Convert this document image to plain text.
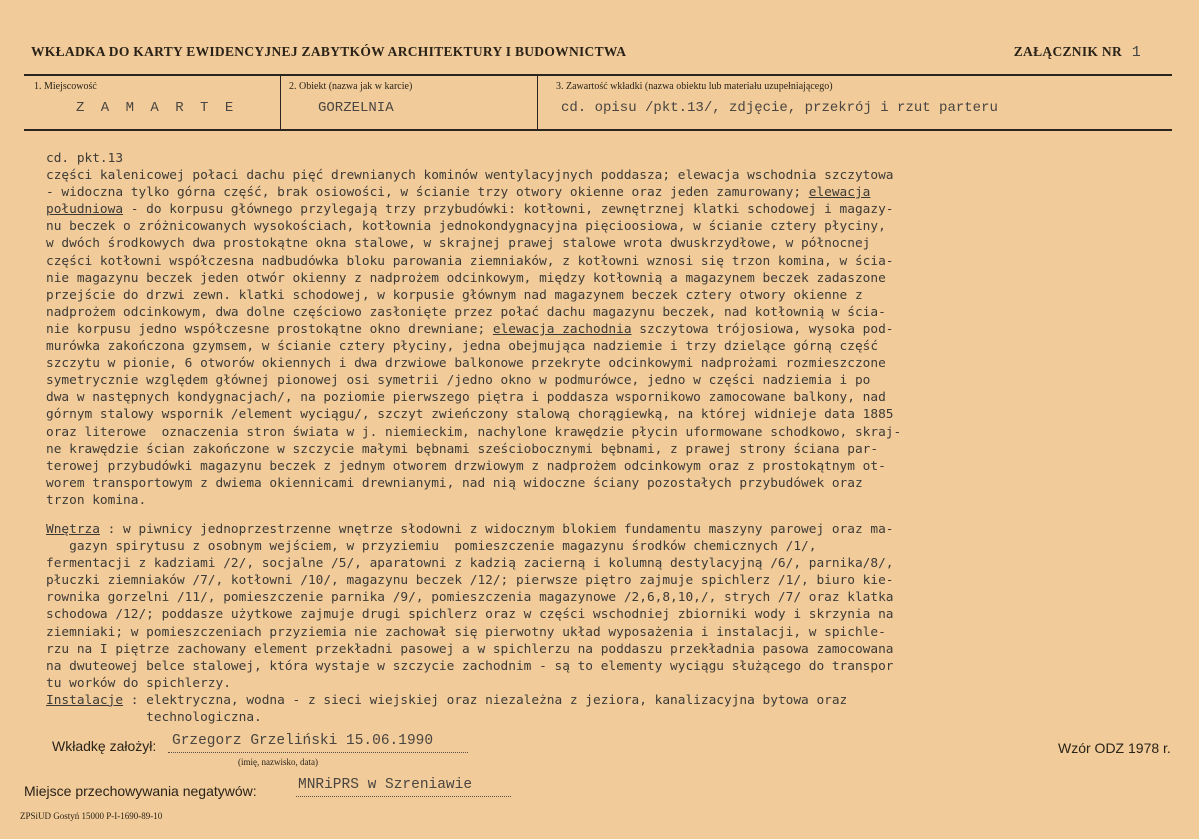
WKŁADKA DO KARTY EWIDENCYJNEJ ZABYTKÓW ARCHITEKTURY I BUDOWNICTWA	ZAŁĄCZNIK NR 1
1. Miejscowość
Z A M A R T E
2. Obiekt (nazwa jak w karcie)
GORZELNIA
3. Zawartość wkładki (nazwa obiektu lub materiału uzupełniającego)
cd. opisu /pkt.13/, zdjęcie, przekrój i rzut parteru
cd. pkt.13
części kalenicowej połaci dachu pięć drewnianych kominów wentylacyjnych poddasza; elewacja wschodnia szczytowa
- widoczna tylko górna część, brak osiowości, w ścianie trzy otwory okienne oraz jeden zamurowany; elewacja
południowa - do korpusu głównego przylegają trzy przybudówki: kotłowni, zewnętrznej klatki schodowej i magazy-
nu beczek o zróżnicowanych wysokościach, kotłownia jednokondygnacyjna pięcioosiowa, w ścianie cztery płyciny,
w dwóch środkowych dwa prostokątne okna stalowe, w skrajnej prawej stalowe wrota dwuskrzydłowe, w północnej
części kotłowni współczesna nadbudówka bloku parowania ziemniaków, z kotłowni wznosi się trzon komina, w ścia-
nie magazynu beczek jeden otwór okienny z nadprożem odcinkowym, między kotłownią a magazynem beczek zadaszone
przejście do drzwi zewn. klatki schodowej, w korpusie głównym nad magazynem beczek cztery otwory okienne z
nadprożem odcinkowym, dwa dolne częściowo zasłonięte przez połać dachu magazynu beczek, nad kotłownią w ścia-
nie korpusu jedno współczesne prostokątne okno drewniane; elewacja zachodnia szczytowa trójosiowa, wysoka pod-
murówka zakończona gzymsem, w ścianie cztery płyciny, jedna obejmująca nadziemie i trzy dzielące górną część
szczytu w pionie, 6 otworów okiennych i dwa drzwiowe balkonowe przekryte odcinkowymi nadprożami rozmieszczone
symetrycznie względem głównej pionowej osi symetrii /jedno okno w podmurówce, jedno w części nadziemia i po
dwa w następnych kondygnacjach/, na poziomie pierwszego piętra i poddasza wspornikowo zamocowane balkony, nad
górnym stalowy wspornik /element wyciągu/, szczyt zwieńczony stalową chorągiewką, na której widnieje data 1885
oraz literowe  oznaczenia stron świata w j. niemieckim, nachylone krawędzie płycin uformowane schodkowo, skraj-
ne krawędzie ścian zakończone w szczycie małymi bębnami sześciobocznymi bębnami, z prawej strony ściana par-
terowej przybudówki magazynu beczek z jednym otworem drzwiowym z nadprożem odcinkowym oraz z prostokątnym ot-
worem transportowym z dwiema okiennicami drewnianymi, nad nią widoczne ściany pozostałych przybudówek oraz
trzon komina.
Wnętrza : w piwnicy jednoprzestrzenne wnętrze słodowni z widocznym blokiem fundamentu maszyny parowej oraz ma-
gazyn spirytusu z osobnym wejściem, w przyziemiu  pomieszczenie magazynu środków chemicznych /1/,
fermentacji z kadziami /2/, socjalne /5/, aparatowni z kadzią zacierną i kolumną destylacyjną /6/, parnika/8/,
płuczki ziemniaków /7/, kotłowni /10/, magazynu beczek /12/; pierwsze piętro zajmuje spichlerz /1/, biuro kie-
rownika gorzelni /11/, pomieszczenie parnika /9/, pomieszczenia magazynowe /2,6,8,10,/, strych /7/ oraz klatka
schodowa /12/; poddasze użytkowe zajmuje drugi spichlerz oraz w części wschodniej zbiorniki wody i skrzynia na
ziemniaki; w pomieszczeniach przyziemia nie zachował się pierwotny układ wyposażenia i instalacji, w spichle-
rzu na I piętrze zachowany element przekładni pasowej a w spichlerzu na poddaszu przekładnia pasowa zamocowana
na dwuteowej belce stalowej, która wystaje w szczycie zachodnim - są to elementy wyciągu służącego do transpor
tu worków do spichlerzy.
Instalacje : elektryczna, wodna - z sieci wiejskiej oraz niezależna z jeziora, kanalizacyjna bytowa oraz
technologiczna.
Wkładkę założył: Grzegorz Grzeliński 15.06.1990
(imię, nazwisko, data)
Wzór ODZ 1978 r.
Miejsce przechowywania negatywów:	MNRiPRS w Szreniawie
ZPSiUD Gostyń 15000 P-I-1690-89-10
